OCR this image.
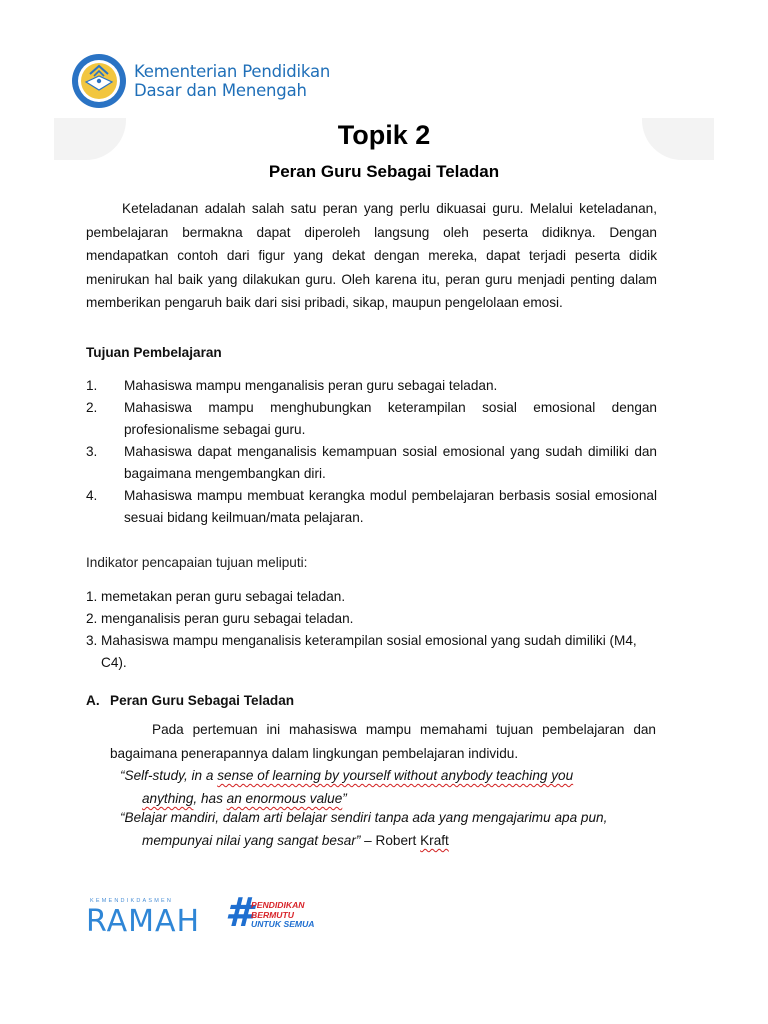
Kementerian Pendidikan
Dasar dan Menengah
Topik 2
Peran Guru Sebagai Teladan
Keteladanan adalah salah satu peran yang perlu dikuasai guru. Melalui keteladanan, pembelajaran bermakna dapat diperoleh langsung oleh peserta didiknya. Dengan mendapatkan contoh dari figur yang dekat dengan mereka, dapat terjadi peserta didik menirukan hal baik yang dilakukan guru. Oleh karena itu, peran guru menjadi penting dalam memberikan pengaruh baik dari sisi pribadi, sikap, maupun pengelolaan emosi.
Tujuan Pembelajaran
1. Mahasiswa mampu menganalisis peran guru sebagai teladan.
2. Mahasiswa mampu menghubungkan keterampilan sosial emosional dengan profesionalisme sebagai guru.
3. Mahasiswa dapat menganalisis kemampuan sosial emosional yang sudah dimiliki dan bagaimana mengembangkan diri.
4. Mahasiswa mampu membuat kerangka modul pembelajaran berbasis sosial emosional sesuai bidang keilmuan/mata pelajaran.
Indikator pencapaian tujuan meliputi:
1. memetakan peran guru sebagai teladan.
2. menganalisis peran guru sebagai teladan.
3. Mahasiswa mampu menganalisis keterampilan sosial emosional yang sudah dimiliki (M4, C4).
A. Peran Guru Sebagai Teladan
Pada pertemuan ini mahasiswa mampu memahami tujuan pembelajaran dan bagaimana penerapannya dalam lingkungan pembelajaran individu.
“Self-study, in a sense of learning by yourself without anybody teaching you
anything, has an enormous value”
“Belajar mandiri, dalam arti belajar sendiri tanpa ada yang mengajarimu apa pun,
mempunyai nilai yang sangat besar” – Robert Kraft
KEMENDIKDASMEN
RAMAH #
PENDIDIKAN
BERMUTU
UNTUK SEMUA
